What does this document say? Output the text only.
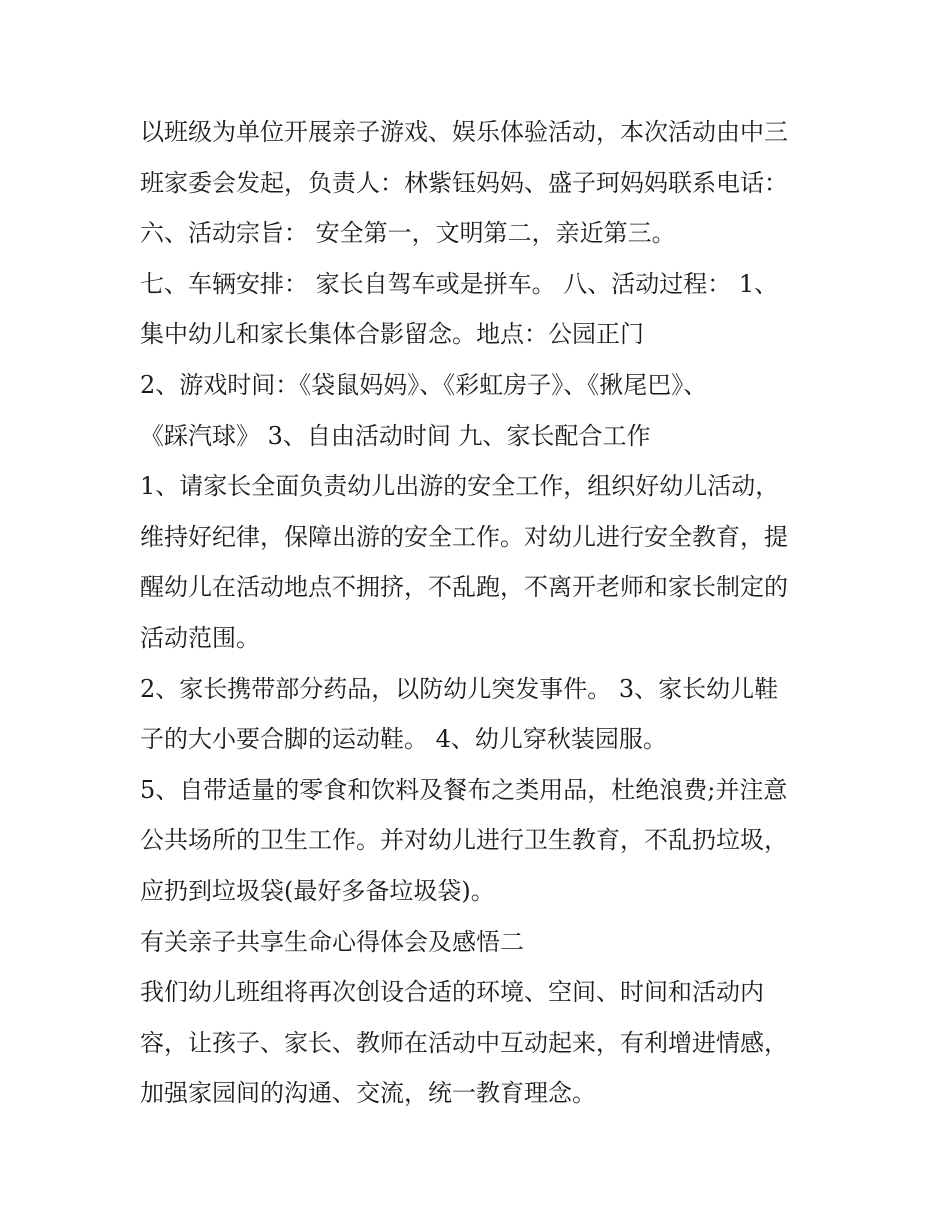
以班级为单位开展亲子游戏、娱乐体验活动，本次活动由中三
班家委会发起，负责人：林紫钰妈妈、盛子珂妈妈联系电话：
六、活动宗旨： 安全第一，文明第二，亲近第三。
七、车辆安排： 家长自驾车或是拼车。 八、活动过程： 1、
集中幼儿和家长集体合影留念。地点：公园正门
2、游戏时间：《袋鼠妈妈》、《彩虹房子》、《揪尾巴》、
《踩汽球》 3、自由活动时间 九、家长配合工作
1、请家长全面负责幼儿出游的安全工作，组织好幼儿活动，
维持好纪律，保障出游的安全工作。对幼儿进行安全教育，提
醒幼儿在活动地点不拥挤，不乱跑，不离开老师和家长制定的
活动范围。
2、家长携带部分药品，以防幼儿突发事件。 3、家长幼儿鞋
子的大小要合脚的运动鞋。 4、幼儿穿秋装园服。
5、自带适量的零食和饮料及餐布之类用品，杜绝浪费;并注意
公共场所的卫生工作。并对幼儿进行卫生教育，不乱扔垃圾，
应扔到垃圾袋(最好多备垃圾袋)。
有关亲子共享生命心得体会及感悟二
我们幼儿班组将再次创设合适的环境、空间、时间和活动内
容，让孩子、家长、教师在活动中互动起来，有利增进情感，
加强家园间的沟通、交流，统一教育理念。
